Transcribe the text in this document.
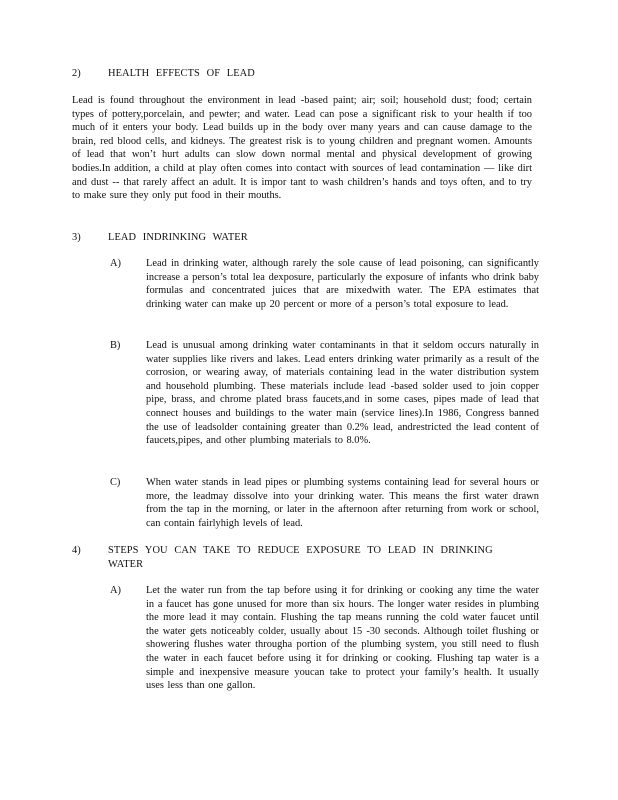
2)	HEALTH EFFECTS OF LEAD
Lead is found throughout the environment in lead -based paint; air; soil; household dust; food; certain types of pottery,porcelain, and pewter; and water. Lead can pose a significant risk to your health if too much of it enters your body. Lead builds up in the body over many years and can cause damage to the brain, red blood cells, and kidneys. The greatest risk is to young children and pregnant women. Amounts of lead that won’t hurt adults can slow down normal mental and physical development of growing bodies.In addition, a child at play often comes into contact with sources of lead contamination — like dirt and dust -- that rarely affect an adult. It is impor tant to wash children’s hands and toys often, and to try to make sure they only put food in their mouths.
3)	LEAD INDRINKING WATER
A) Lead in drinking water, although rarely the sole cause of lead poisoning, can significantly increase a person’s total lea dexposure, particularly the exposure of infants who drink baby formulas and concentrated juices that are mixedwith water. The EPA estimates that drinking water can make up 20 percent or more of a person’s total exposure to lead.
B) Lead is unusual among drinking water contaminants in that it seldom occurs naturally in water supplies like rivers and lakes. Lead enters drinking water primarily as a result of the corrosion, or wearing away, of materials containing lead in the water distribution system and household plumbing. These materials include lead -based solder used to join copper pipe, brass, and chrome plated brass faucets,and in some cases, pipes made of lead that connect houses and buildings to the water main (service lines).In 1986, Congress banned the use of leadsolder containing greater than 0.2% lead, andrestricted the lead content of faucets,pipes, and other plumbing materials to 8.0%.
C) When water stands in lead pipes or plumbing systems containing lead for several hours or more, the leadmay dissolve into your drinking water. This means the first water drawn from the tap in the morning, or later in the afternoon after returning from work or school, can contain fairlyhigh levels of lead.
4)	STEPS YOU CAN TAKE TO REDUCE EXPOSURE TO LEAD IN DRINKING WATER
A) Let the water run from the tap before using it for drinking or cooking any time the water in a faucet has gone unused for more than six hours. The longer water resides in plumbing the more lead it may contain. Flushing the tap means running the cold water faucet until the water gets noticeably colder, usually about 15 -30 seconds. Although toilet flushing or showering flushes water througha portion of the plumbing system, you still need to flush the water in each faucet before using it for drinking or cooking. Flushing tap water is a simple and inexpensive measure youcan take to protect your family’s health. It usually uses less than one gallon.
